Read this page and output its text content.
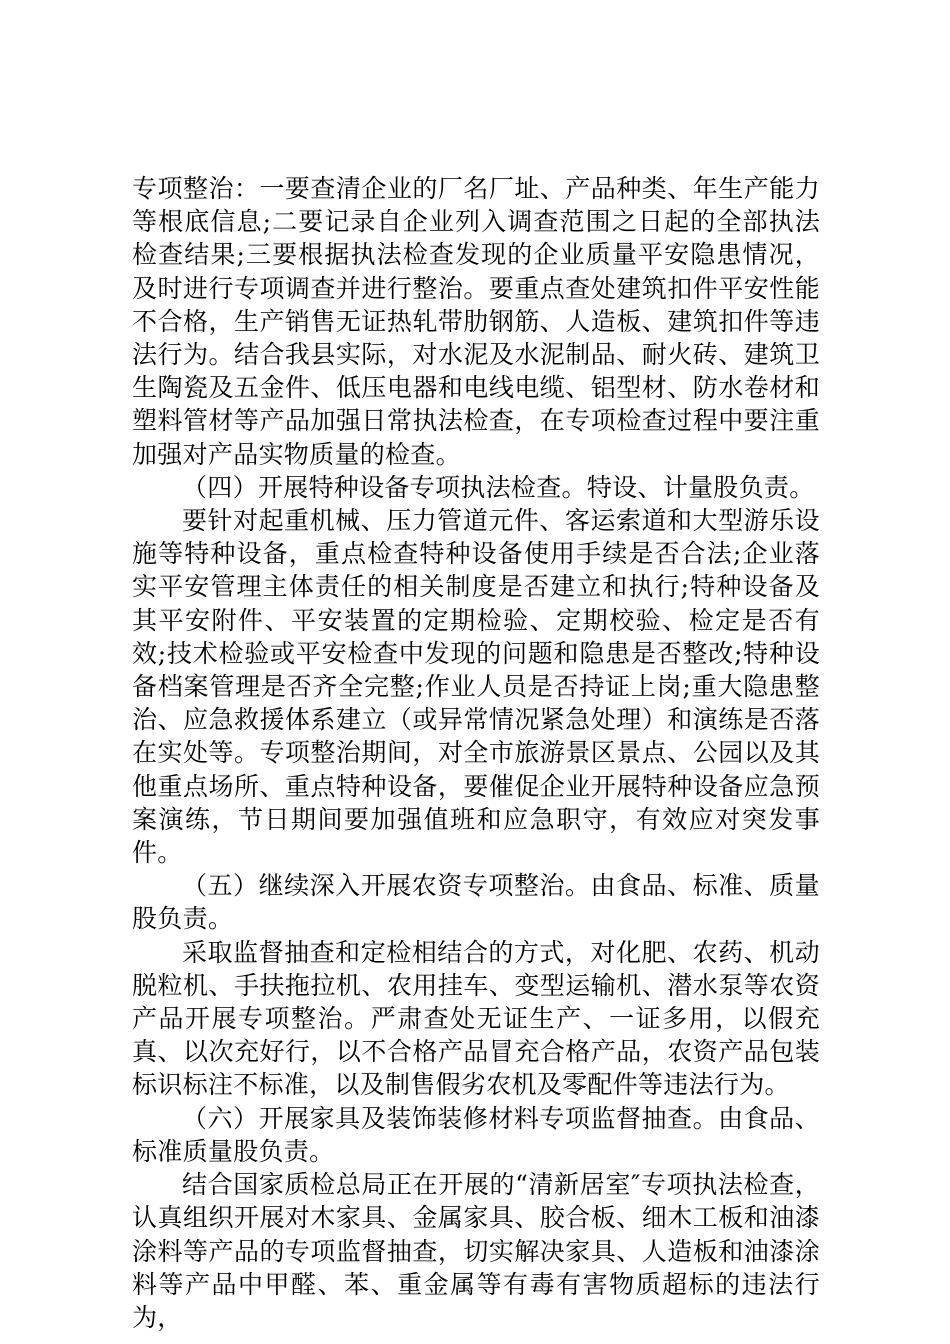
专项整治：一要查清企业的厂名厂址、产品种类、年生产能力等根底信息;二要记录自企业列入调查范围之日起的全部执法检查结果;三要根据执法检查发现的企业质量平安隐患情况，及时进行专项调查并进行整治。要重点查处建筑扣件平安性能不合格，生产销售无证热轧带肋钢筋、人造板、建筑扣件等违法行为。结合我县实际，对水泥及水泥制品、耐火砖、建筑卫生陶瓷及五金件、低压电器和电线电缆、铝型材、防水卷材和塑料管材等产品加强日常执法检查，在专项检查过程中要注重加强对产品实物质量的检查。

（四）开展特种设备专项执法检查。特设、计量股负责。

要针对起重机械、压力管道元件、客运索道和大型游乐设施等特种设备，重点检查特种设备使用手续是否合法;企业落实平安管理主体责任的相关制度是否建立和执行;特种设备及其平安附件、平安装置的定期检验、定期校验、检定是否有效;技术检验或平安检查中发现的问题和隐患是否整改;特种设备档案管理是否齐全完整;作业人员是否持证上岗;重大隐患整治、应急救援体系建立（或异常情况紧急处理）和演练是否落在实处等。专项整治期间，对全市旅游景区景点、公园以及其他重点场所、重点特种设备，要催促企业开展特种设备应急预案演练，节日期间要加强值班和应急职守，有效应对突发事件。

（五）继续深入开展农资专项整治。由食品、标准、质量股负责。

采取监督抽查和定检相结合的方式，对化肥、农药、机动脱粒机、手扶拖拉机、农用挂车、变型运输机、潜水泵等农资产品开展专项整治。严肃查处无证生产、一证多用，以假充真、以次充好行，以不合格产品冒充合格产品，农资产品包装标识标注不标准，以及制售假劣农机及零配件等违法行为。

（六）开展家具及装饰装修材料专项监督抽查。由食品、标准质量股负责。

结合国家质检总局正在开展的“清新居室″专项执法检查，认真组织开展对木家具、金属家具、胶合板、细木工板和油漆涂料等产品的专项监督抽查，切实解决家具、人造板和油漆涂料等产品中甲醛、苯、重金属等有毒有害物质超标的违法行为，
